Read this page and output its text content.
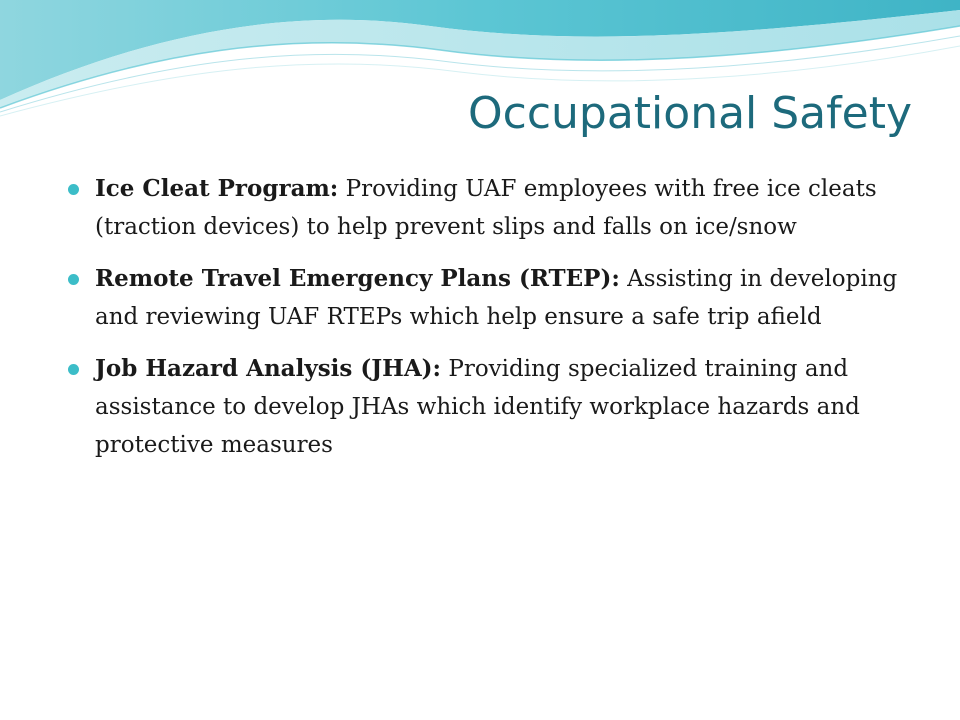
Occupational Safety
Ice Cleat Program: Providing UAF employees with free ice cleats (traction devices) to help prevent slips and falls on ice/snow
Remote Travel Emergency Plans (RTEP): Assisting in developing and reviewing UAF RTEPs which help ensure a safe trip afield
Job Hazard Analysis (JHA): Providing specialized training and assistance to develop JHAs which identify workplace hazards and protective measures
